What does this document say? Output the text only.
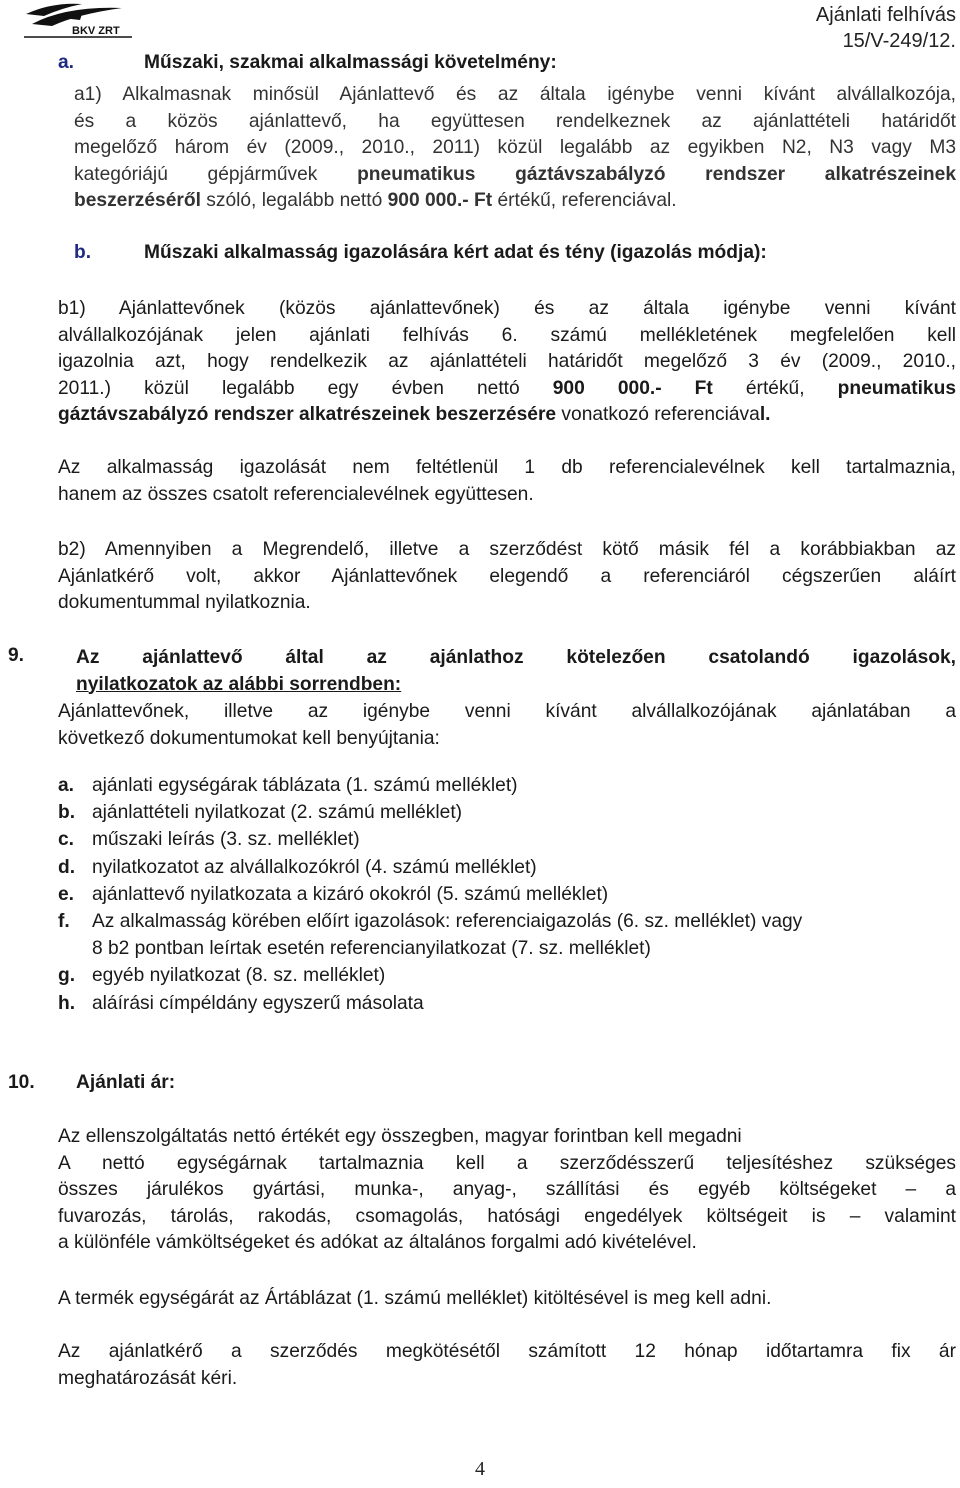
BKV ZRT
Ajánlati felhívás
15/V-249/12.
a.	Műszaki, szakmai alkalmassági követelmény:
a1) Alkalmasnak minősül Ajánlattevő és az általa igénybe venni kívánt alvállalkozója,
és a közös ajánlattevő, ha együttesen rendelkeznek az ajánlattételi határidőt
megelőző három év (2009., 2010., 2011) közül legalább az egyikben N2, N3 vagy M3
kategóriájú gépjárművek pneumatikus gáztávszabályzó rendszer alkatrészeinek
beszerzéséről szóló, legalább nettó 900 000.- Ft értékű, referenciával.
b.	Műszaki alkalmasság igazolására kért adat és tény (igazolás módja):
b1) Ajánlattevőnek (közös ajánlattevőnek) és az általa igénybe venni kívánt
alvállalkozójának jelen ajánlati felhívás 6. számú mellékletének megfelelően kell
igazolnia azt, hogy rendelkezik az ajánlattételi határidőt megelőző 3 év (2009., 2010.,
2011.) közül legalább egy évben nettó 900 000.- Ft értékű, pneumatikus
gáztávszabályzó rendszer alkatrészeinek beszerzésére vonatkozó referenciával.
Az alkalmasság igazolását nem feltétlenül 1 db referencialevélnek kell tartalmaznia,
hanem az összes csatolt referencialevélnek együttesen.
b2) Amennyiben a Megrendelő, illetve a szerződést kötő másik fél a korábbiakban az
Ajánlatkérő volt, akkor Ajánlattevőnek elegendő a referenciáról cégszerűen aláírt
dokumentummal nyilatkoznia.
9.	Az ajánlattevő által az ajánlathoz kötelezően csatolandó igazolások,
nyilatkozatok az alábbi sorrendben:
Ajánlattevőnek, illetve az igénybe venni kívánt alvállalkozójának ajánlatában a
következő dokumentumokat kell benyújtania:
a. ajánlati egységárak táblázata (1. számú melléklet)
b. ajánlattételi nyilatkozat (2. számú melléklet)
c. műszaki leírás (3. sz. melléklet)
d. nyilatkozatot az alvállalkozókról (4. számú melléklet)
e. ajánlattevő nyilatkozata a kizáró okokról (5. számú melléklet)
f. Az alkalmasság körében előírt igazolások: referenciaigazolás (6. sz. melléklet) vagy
8 b2 pontban leírtak esetén referencianyilatkozat (7. sz. melléklet)
g. egyéb nyilatkozat (8. sz. melléklet)
h. aláírási címpéldány egyszerű másolata
10. Ajánlati ár:
Az ellenszolgáltatás nettó értékét egy összegben, magyar forintban kell megadni
A nettó egységárnak tartalmaznia kell a szerződésszerű teljesítéshez szükséges
összes járulékos gyártási, munka-, anyag-, szállítási és egyéb költségeket – a
fuvarozás, tárolás, rakodás, csomagolás, hatósági engedélyek költségeit is – valamint
a különféle vámköltségeket és adókat az általános forgalmi adó kivételével.
A termék egységárát az Ártáblázat (1. számú melléklet) kitöltésével is meg kell adni.
Az ajánlatkérő a szerződés megkötésétől számított 12 hónap időtartamra fix ár
meghatározását kéri.
4
